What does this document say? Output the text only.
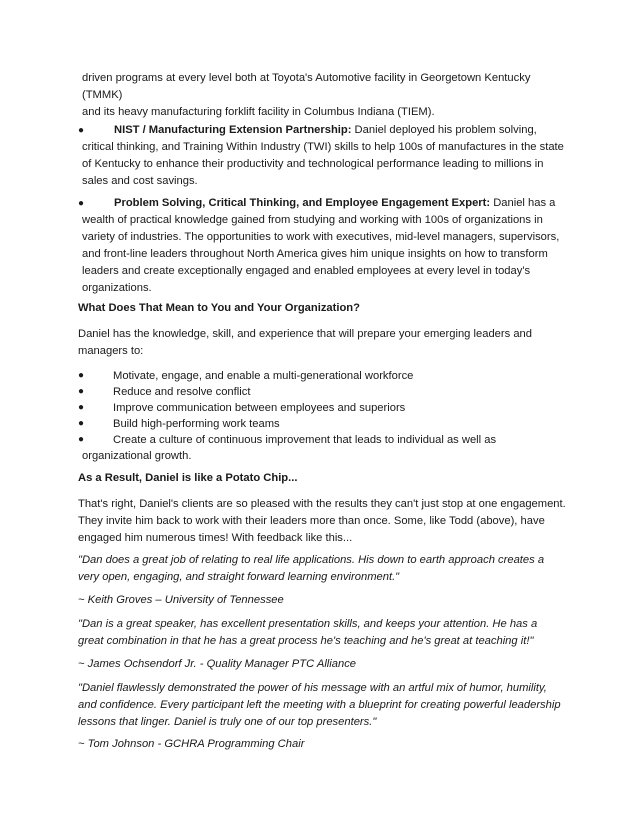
driven programs at every level both at Toyota's Automotive facility in Georgetown Kentucky (TMMK)

and its heavy manufacturing forklift facility in Columbus Indiana (TIEM).

●	NIST / Manufacturing Extension Partnership: Daniel deployed his problem solving, critical thinking, and Training Within Industry (TWI) skills to help 100s of manufactures in the state of Kentucky to enhance their productivity and technological performance leading to millions in sales and cost savings.
●	Problem Solving, Critical Thinking, and Employee Engagement Expert: Daniel has a wealth of practical knowledge gained from studying and working with 100s of organizations in variety of industries. The opportunities to work with executives, mid-level managers, supervisors, and front-line leaders throughout North America gives him unique insights on how to transform leaders and create exceptionally engaged and enabled employees at every level in today's organizations.

What Does That Mean to You and Your Organization?

Daniel has the knowledge, skill, and experience that will prepare your emerging leaders and managers to:

●	Motivate, engage, and enable a multi-generational workforce
●	Reduce and resolve conflict
●	Improve communication between employees and superiors
●	Build high-performing work teams
●	Create a culture of continuous improvement that leads to individual as well as organizational growth.

As a Result, Daniel is like a Potato Chip...

That's right, Daniel's clients are so pleased with the results they can't just stop at one engagement. They invite him back to work with their leaders more than once. Some, like Todd (above), have engaged him numerous times! With feedback like this...

"Dan does a great job of relating to real life applications. His down to earth approach creates a very open, engaging, and straight forward learning environment."

~ Keith Groves – University of Tennessee

"Dan is a great speaker, has excellent presentation skills, and keeps your attention. He has a great combination in that he has a great process he's teaching and he's great at teaching it!"

~ James Ochsendorf Jr. - Quality Manager PTC Alliance

"Daniel flawlessly demonstrated the power of his message with an artful mix of humor, humility, and confidence. Every participant left the meeting with a blueprint for creating powerful leadership lessons that linger. Daniel is truly one of our top presenters."

~ Tom Johnson - GCHRA Programming Chair
